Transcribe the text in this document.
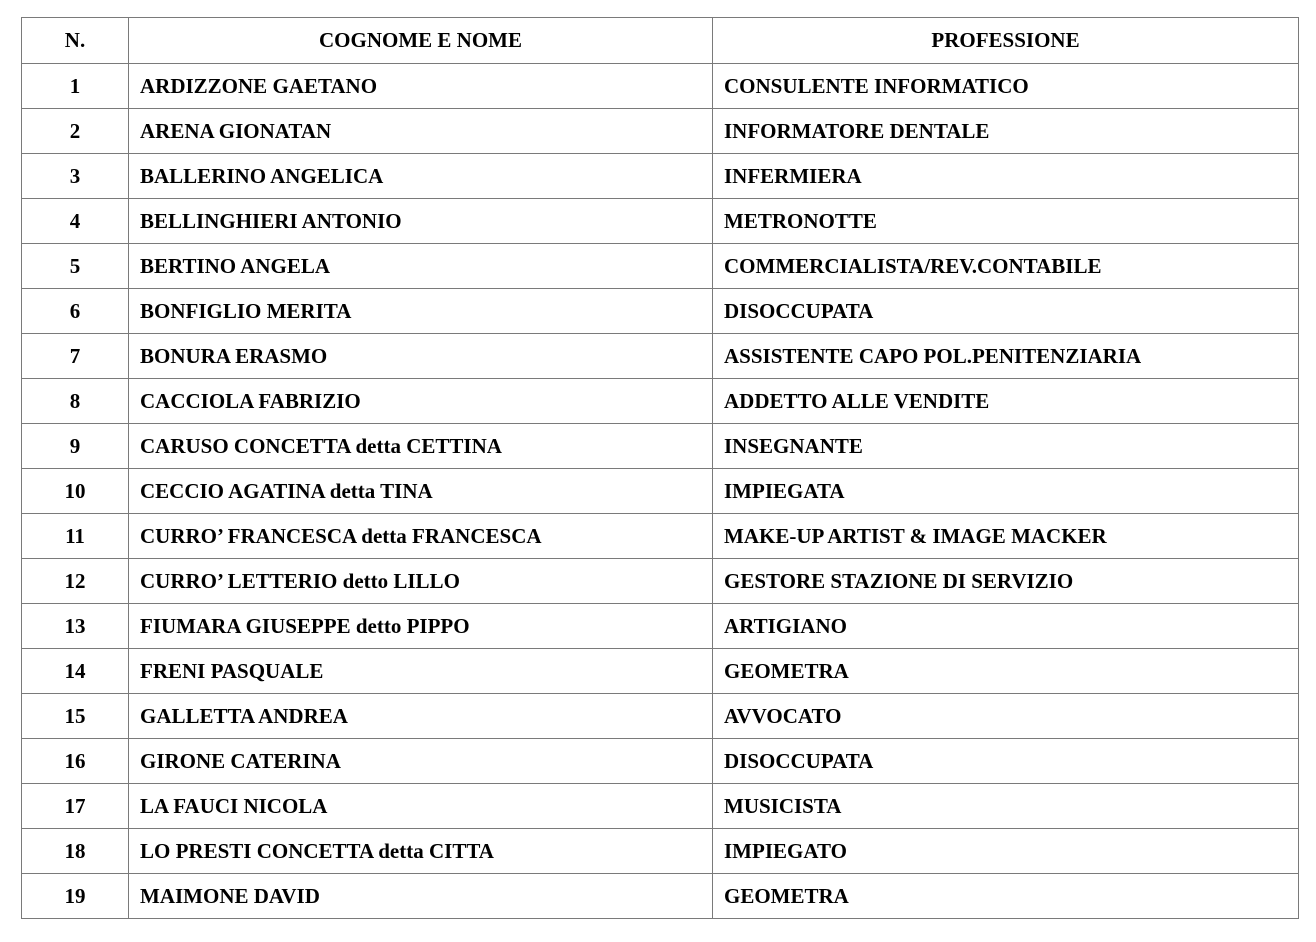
N.	COGNOME E NOME	PROFESSIONE
1	ARDIZZONE GAETANO	CONSULENTE INFORMATICO
2	ARENA GIONATAN	INFORMATORE DENTALE
3	BALLERINO ANGELICA	INFERMIERA
4	BELLINGHIERI ANTONIO	METRONOTTE
5	BERTINO ANGELA	COMMERCIALISTA/REV.CONTABILE
6	BONFIGLIO MERITA	DISOCCUPATA
7	BONURA ERASMO	ASSISTENTE CAPO POL.PENITENZIARIA
8	CACCIOLA FABRIZIO	ADDETTO ALLE VENDITE
9	CARUSO CONCETTA detta CETTINA	INSEGNANTE
10	CECCIO AGATINA detta TINA	IMPIEGATA
11	CURRO’ FRANCESCA detta FRANCESCA	MAKE-UP ARTIST & IMAGE MACKER
12	CURRO’ LETTERIO detto LILLO	GESTORE STAZIONE DI SERVIZIO
13	FIUMARA GIUSEPPE detto PIPPO	ARTIGIANO
14	FRENI PASQUALE	GEOMETRA
15	GALLETTA ANDREA	AVVOCATO
16	GIRONE CATERINA	DISOCCUPATA
17	LA FAUCI NICOLA	MUSICISTA
18	LO PRESTI CONCETTA detta CITTA	IMPIEGATO
19	MAIMONE DAVID	GEOMETRA
